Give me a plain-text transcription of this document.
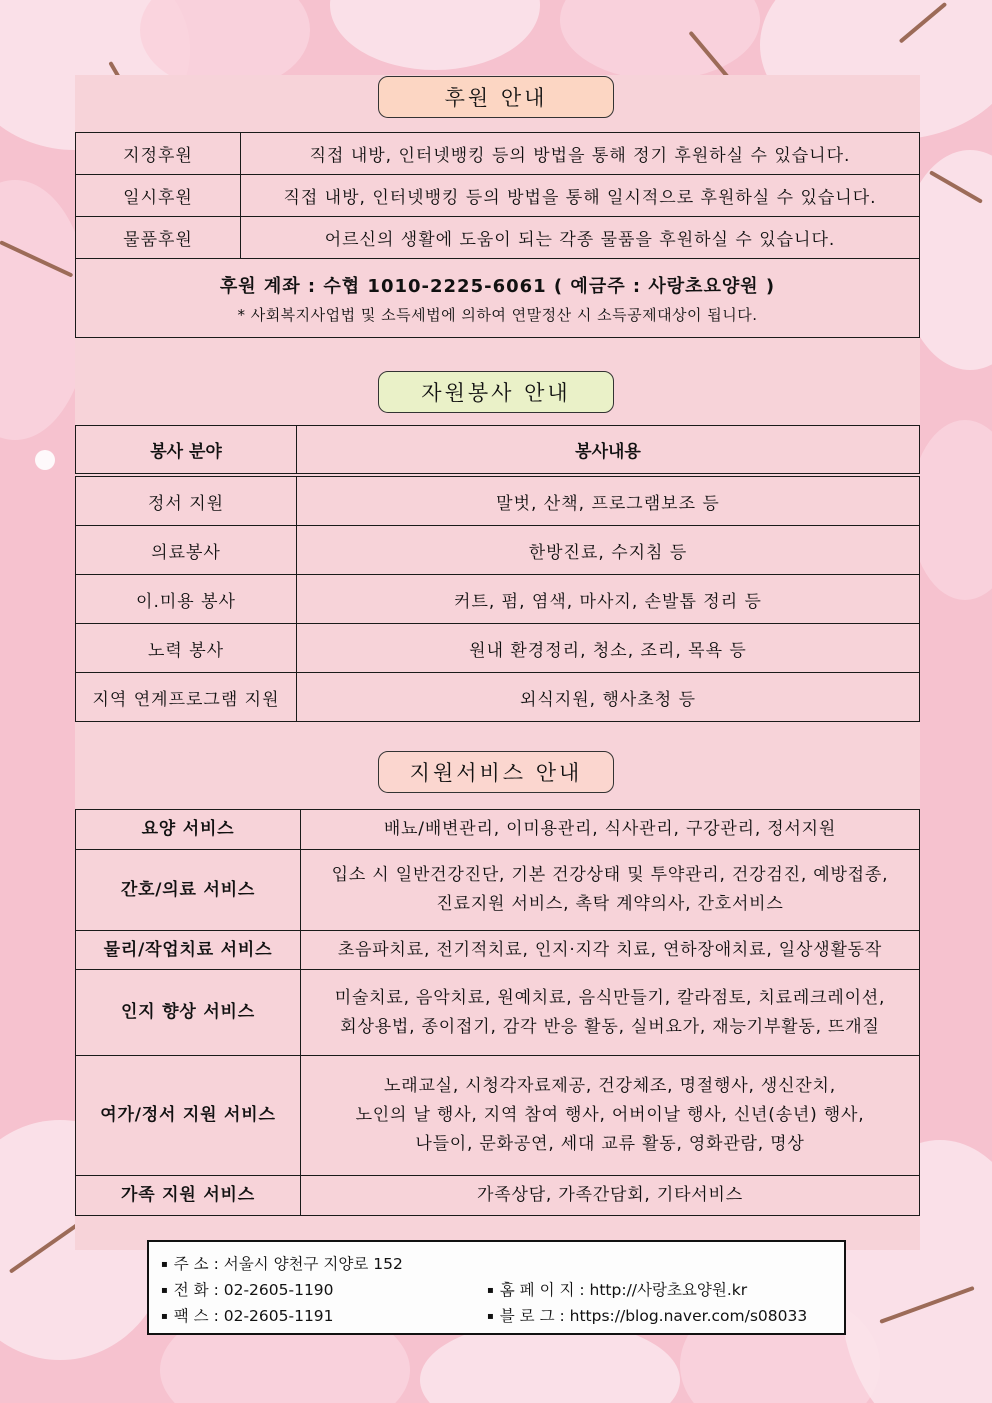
후원 안내
지정후원	직접 내방, 인터넷뱅킹 등의 방법을 통해 정기 후원하실 수 있습니다.
일시후원	직접 내방, 인터넷뱅킹 등의 방법을 통해 일시적으로 후원하실 수 있습니다.
물품후원	어르신의 생활에 도움이 되는 각종 물품을 후원하실 수 있습니다.

후원 계좌 : 수협 1010-2225-6061 ( 예금주 : 사랑초요양원 )
* 사회복지사업법 및 소득세법에 의하여 연말정산 시 소득공제대상이 됩니다.	
자원봉사 안내
봉사 분야	봉사내용
정서 지원	말벗, 산책, 프로그램보조 등
의료봉사	한방진료, 수지침 등
이.미용 봉사	커트, 펌, 염색, 마사지, 손발톱 정리 등
노력 봉사	원내 환경정리, 청소, 조리, 목욕 등
지역 연계프로그램 지원	외식지원, 행사초청 등
지원서비스 안내
요양 서비스	배뇨/배변관리, 이미용관리, 식사관리, 구강관리, 정서지원

간호/의료 서비스	입소 시 일반건강진단, 기본 건강상태 및 투약관리, 건강검진, 예방접종,
진료지원 서비스, 촉탁 계약의사, 간호서비스

물리/작업치료 서비스	초음파치료, 전기적치료, 인지·지각 치료, 연하장애치료, 일상생활동작

인지 향상 서비스	미술치료, 음악치료, 원예치료, 음식만들기, 칼라점토, 치료레크레이션,
회상용법, 종이접기, 감각 반응 활동, 실버요가, 재능기부활동, 뜨개질

여가/정서 지원 서비스	노래교실, 시청각자료제공, 건강체조, 명절행사, 생신잔치,
노인의 날 행사, 지역 참여 행사, 어버이날 행사, 신년(송년) 행사,
나들이, 문화공연, 세대 교류 활동, 영화관람, 명상

가족 지원 서비스	가족상담, 가족간담회, 기타서비스
▪ 주 소 : 서울시 양천구 지양로 152
▪ 전 화 : 02-2605-1190
▪ 팩 스 : 02-2605-1191
▪ 홈 페 이 지 : http://사랑초요양원.kr
▪ 블 로 그 : https://blog.naver.com/s08033
